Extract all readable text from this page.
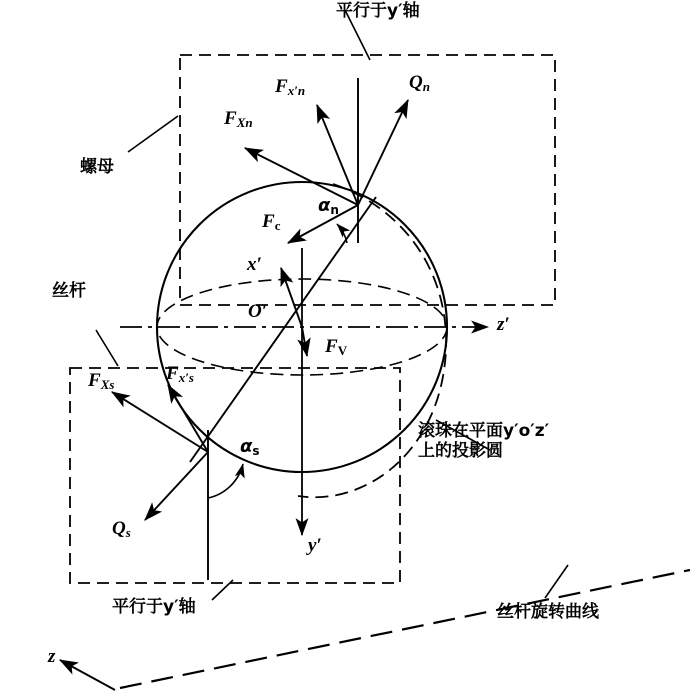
平行于y′轴
螺母
丝杆
平行于y′轴
滚珠在平面y′o′z′
上的投影圆
丝杆旋转曲线
Fx′n	Qn
FXn
$F_c$
$F_V$
FXs
Fx′s
Qs
$\alpha_n$
$\alpha_s$
x′
O′
z′
y′
z
